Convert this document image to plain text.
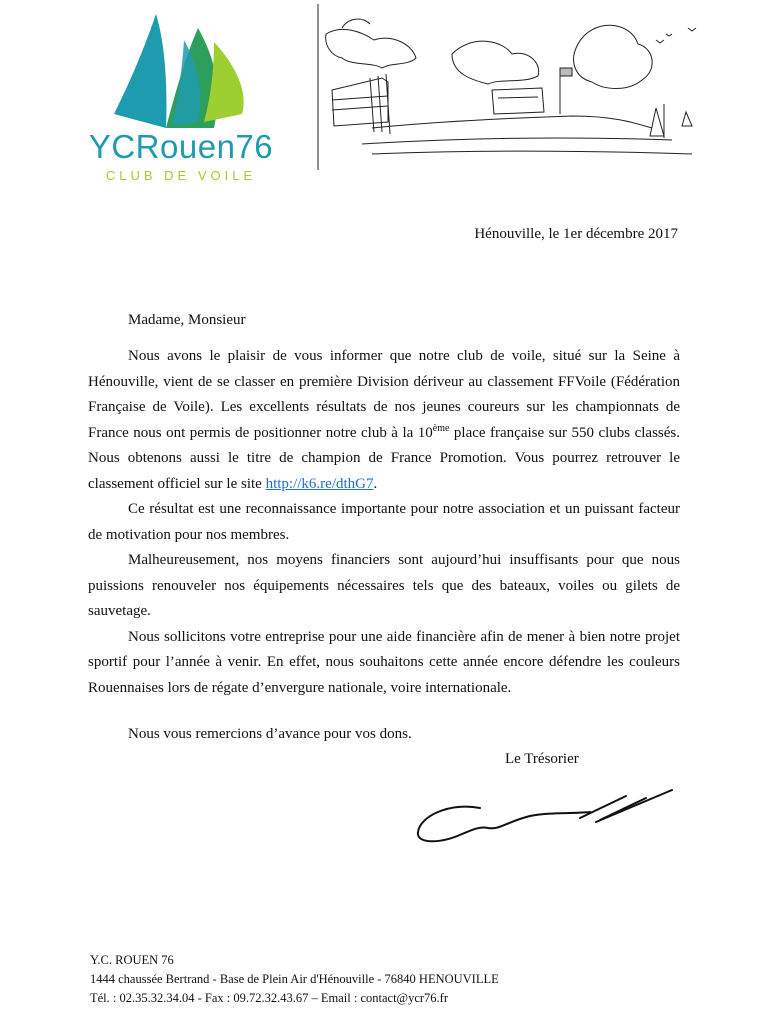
YCRouen76
CLUB DE VOILE
Hénouville, le 1er décembre 2017
Madame, Monsieur

Nous avons le plaisir de vous informer que notre club de voile, situé sur la Seine à Hénouville, vient de se classer en première Division dériveur au classement FFVoile (Fédération Française de Voile). Les excellents résultats de nos jeunes coureurs sur les championnats de France nous ont permis de positionner notre club à la 10ème place française sur 550 clubs classés. Nous obtenons aussi le titre de champion de France Promotion. Vous pourrez retrouver le classement officiel sur le site http://k6.re/dthG7.

Ce résultat est une reconnaissance importante pour notre association et un puissant facteur de motivation pour nos membres.

Malheureusement, nos moyens financiers sont aujourd’hui insuffisants pour que nous puissions renouveler nos équipements nécessaires tels que des bateaux, voiles ou gilets de sauvetage.

Nous sollicitons votre entreprise pour une aide financière afin de mener à bien notre projet sportif pour l’année à venir. En effet, nous souhaitons cette année encore défendre les couleurs Rouennaises lors de régate d’envergure nationale, voire internationale.

Nous vous remercions d’avance pour vos dons.
Le Trésorier
Y.C. ROUEN 76
1444 chaussée Bertrand - Base de Plein Air d'Hénouville - 76840 HENOUVILLE
Tél. : 02.35.32.34.04 - Fax : 09.72.32.43.67 – Email : contact@ycr76.fr
